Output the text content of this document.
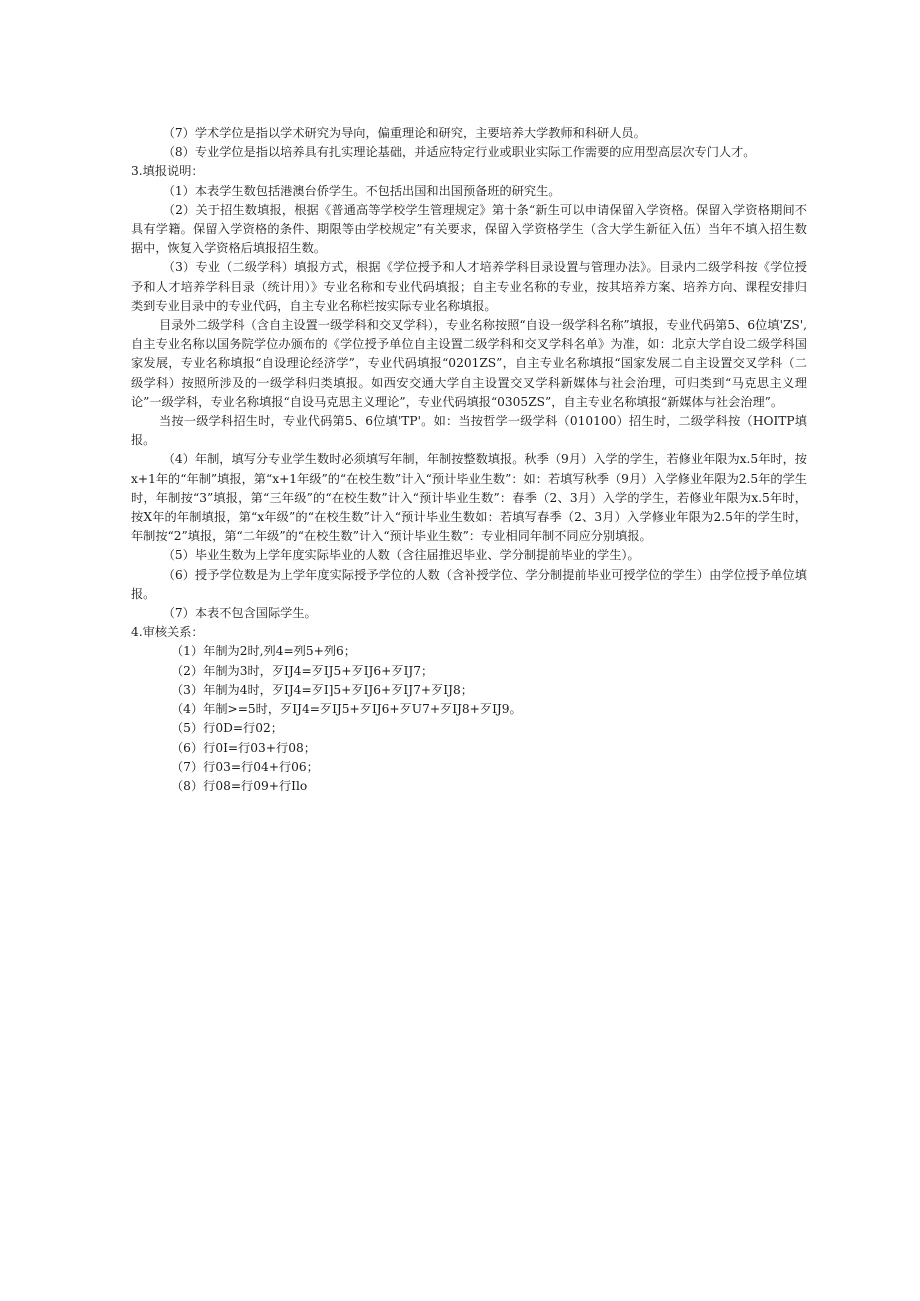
（7）学术学位是指以学术研究为导向，偏重理论和研究，主要培养大学教师和科研人员。

（8）专业学位是指以培养具有扎实理论基础，并适应特定行业或职业实际工作需要的应用型高层次专门人才。

3.填报说明：

（1）本表学生数包括港澳台侨学生。不包括出国和出国预备班的研究生。

（2）关于招生数填报，根据《普通高等学校学生管理规定》第十条“新生可以申请保留入学资格。保留入学资格期间不具有学籍。保留入学资格的条件、期限等由学校规定”有关要求，保留入学资格学生（含大学生新征入伍）当年不填入招生数据中，恢复入学资格后填报招生数。

（3）专业（二级学科）填报方式，根据《学位授予和人才培养学科目录设置与管理办法》。目录内二级学科按《学位授予和人才培养学科目录（统计用）》专业名称和专业代码填报；自主专业名称的专业，按其培养方案、培养方向、课程安排归类到专业目录中的专业代码，自主专业名称栏按实际专业名称填报。

目录外二级学科（含自主设置一级学科和交叉学科），专业名称按照“自设一级学科名称”填报，专业代码第5、6位填'ZS',自主专业名称以国务院学位办颁布的《学位授予单位自主设置二级学科和交叉学科名单》为准，如：北京大学自设二级学科国家发展，专业名称填报“自设理论经济学”，专业代码填报“0201ZS”，自主专业名称填报“国家发展二自主设置交叉学科（二级学科）按照所涉及的一级学科归类填报。如西安交通大学自主设置交叉学科新媒体与社会治理，可归类到“马克思主义理论”一级学科，专业名称填报“自设马克思主义理论”，专业代码填报“0305ZS”，自主专业名称填报“新媒体与社会治理”。

当按一级学科招生时，专业代码第5、6位填'TP'。如：当按哲学一级学科（010100）招生时，二级学科按（HOITP填报。

（4）年制，填写分专业学生数时必须填写年制，年制按整数填报。秋季（9月）入学的学生，若修业年限为x.5年时，按x+1年的“年制”填报，第“x+1年级”的“在校生数”计入“预计毕业生数”：如：若填写秋季（9月）入学修业年限为2.5年的学生时，年制按“3”填报，第“三年级”的“在校生数”计入“预计毕业生数”：春季（2、3月）入学的学生，若修业年限为x.5年时，按X年的年制填报，第“x年级”的“在校生数”计入“预计毕业生数如：若填写春季（2、3月）入学修业年限为2.5年的学生时，年制按“2”填报，第“二年级”的“在校生数”计入“预计毕业生数”：专业相同年制不同应分别填报。

（5）毕业生数为上学年度实际毕业的人数（含往届推迟毕业、学分制提前毕业的学生）。

（6）授予学位数是为上学年度实际授予学位的人数（含补授学位、学分制提前毕业可授学位的学生）由学位授予单位填报。

（7）本表不包含国际学生。

4.审核关系：

（1）年制为2时,列4=列5+列6；

（2）年制为3时，歹IJ4=歹IJ5+歹IJ6+歹IJ7；

（3）年制为4时，歹IJ4=歹I]5+歹IJ6+歹IJ7+歹IJ8；

（4）年制>=5时，歹IJ4=歹IJ5+歹IJ6+歹U7+歹IJ8+歹IJ9。

（5）行0D=行02；

（6）行0I=行03+行08；

（7）行03=行04+行06；

（8）行08=行09+行Ilo
